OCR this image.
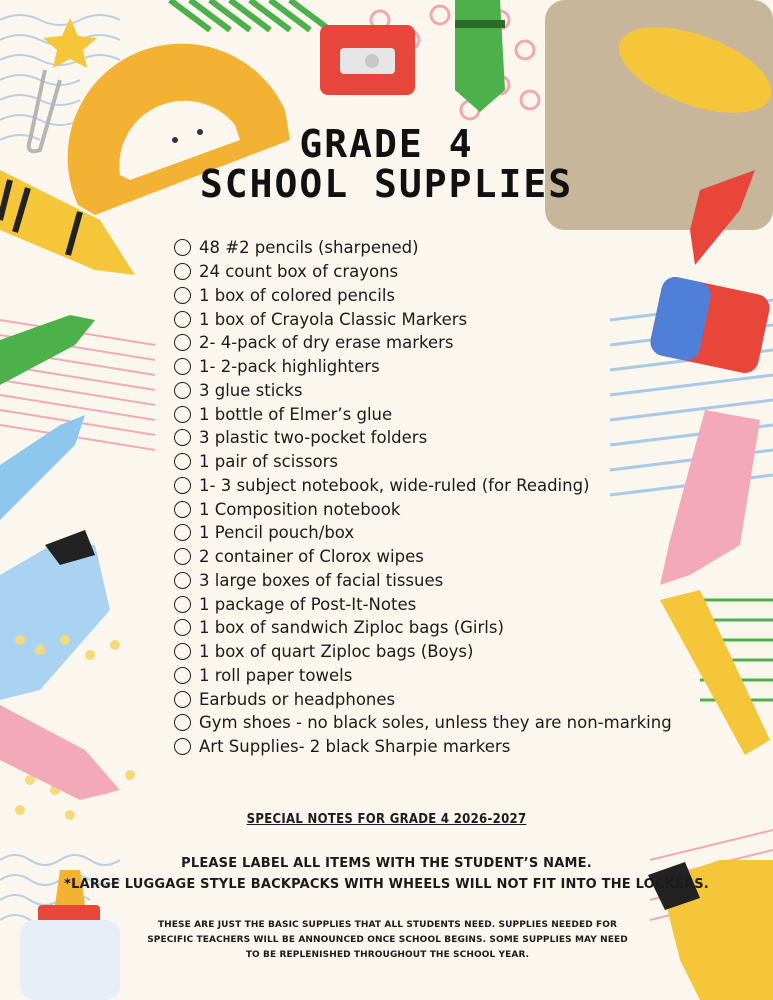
GRADE 4
SCHOOL SUPPLIES
48 #2 pencils (sharpened)
24 count box of crayons
1 box of colored pencils
1 box of Crayola Classic Markers
2- 4-pack of dry erase markers
1- 2-pack highlighters
3 glue sticks
1 bottle of Elmer’s glue
3 plastic two-pocket folders
1 pair of scissors
1- 3 subject notebook, wide-ruled (for Reading)
1 Composition notebook
1 Pencil pouch/box
2 container of Clorox wipes
3 large boxes of facial tissues
1 package of Post-It-Notes
1 box of sandwich Ziploc bags (Girls)
1 box of quart Ziploc bags (Boys)
1 roll paper towels
Earbuds or headphones
Gym shoes - no black soles, unless they are non-marking
Art Supplies- 2 black Sharpie markers
SPECIAL NOTES FOR GRADE 4 2026-2027
PLEASE LABEL ALL ITEMS WITH THE STUDENT’S NAME.
*LARGE LUGGAGE STYLE BACKPACKS WITH WHEELS WILL NOT FIT INTO THE LOCKERS.
THESE ARE JUST THE BASIC SUPPLIES THAT ALL STUDENTS NEED. SUPPLIES NEEDED FOR SPECIFIC TEACHERS WILL BE ANNOUNCED ONCE SCHOOL BEGINS. SOME SUPPLIES MAY NEED TO BE REPLENISHED THROUGHOUT THE SCHOOL YEAR.
